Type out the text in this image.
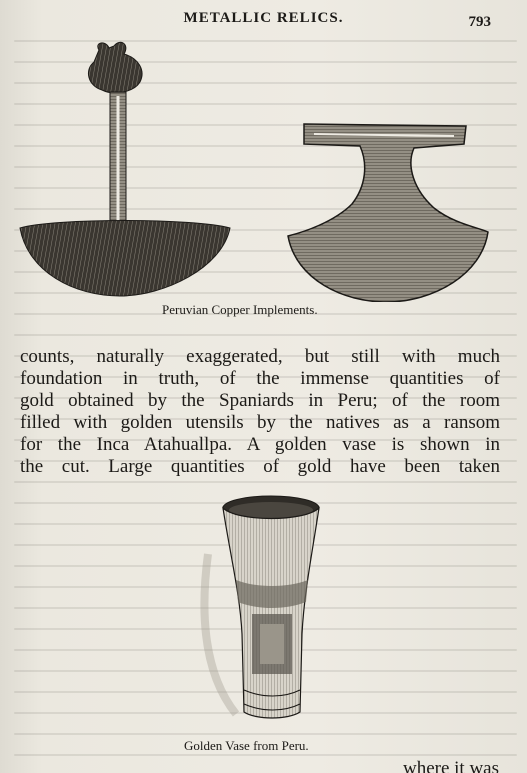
METALLIC RELICS.	793
Peruvian Copper Implements.
counts, naturally exaggerated, but still with much
foundation in truth, of the immense quantities of
gold obtained by the Spaniards in Peru; of the room
filled with golden utensils by the natives as a ransom
for the Inca Atahuallpa. A golden vase is shown in
the cut. Large quantities of gold have been taken
Golden Vase from Peru.
where it was
